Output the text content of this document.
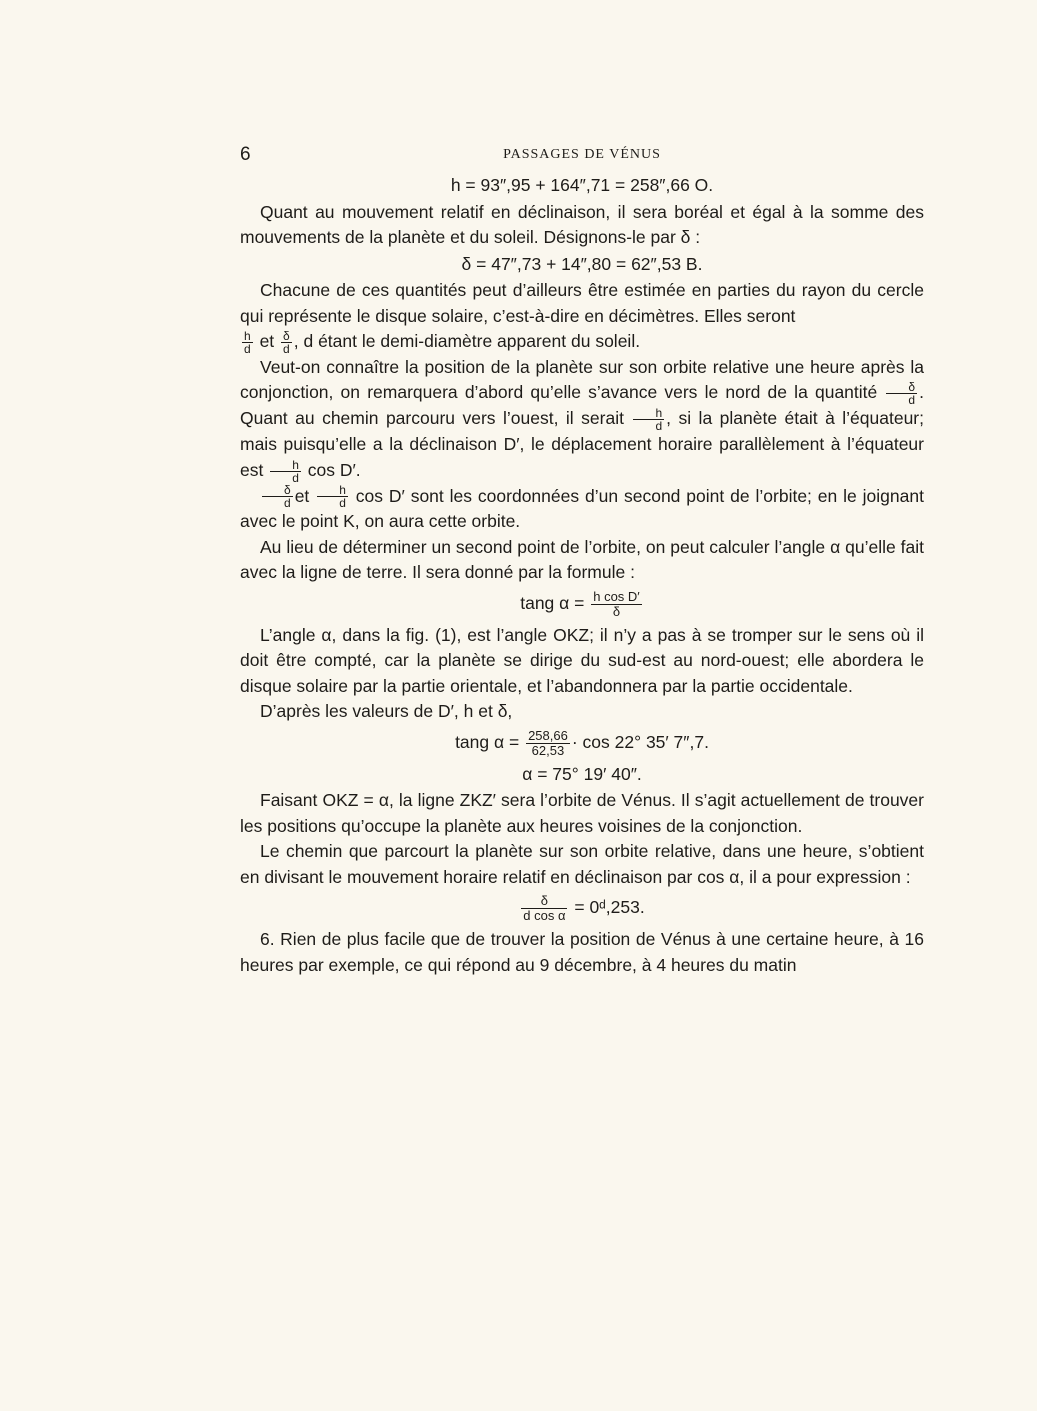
6	PASSAGES DE VÉNUS
h = 93″,95 + 164″,71 = 258″,66 O.

Quant au mouvement relatif en déclinaison, il sera boréal et égal à la somme des mouvements de la planète et du soleil. Désignons-le par δ :

δ = 47″,73 + 14″,80 = 62″,53 B.

Chacune de ces quantités peut d’ailleurs être estimée en parties du rayon du cercle qui représente le disque solaire, c’est-à-dire en décimètres. Elles seront

$\frac{h}{d}$ et $\frac{\delta}{d}$ , d étant le demi-diamètre apparent du soleil.

Veut-on connaître la position de la planète sur son orbite relative une heure après la conjonction, on remarquera d’abord qu’elle s’avance vers le nord de la quantité $\frac{\delta}{d}$ . Quant au chemin parcouru vers l’ouest, il serait $\frac{h}{d}$ , si la planète était à l’équateur; mais puisqu’elle a la déclinaison D′, le déplacement horaire parallèlement à l’équateur est $\frac{h}{d}$ cos D′.

$\frac{\delta}{d}$ et $\frac{h}{d}$ cos D′ sont les coordonnées d’un second point de l’orbite; en le joignant avec le point K, on aura cette orbite.

Au lieu de déterminer un second point de l’orbite, on peut calculer l’angle α qu’elle fait avec la ligne de terre. Il sera donné par la formule :

tang $\alpha = \frac{\text{h cos D′}}{\delta}$

L’angle α, dans la fig. (1), est l’angle OKZ; il n’y a pas à se tromper sur le sens où il doit être compté, car la planète se dirige du sud-est au nord-ouest; elle abordera le disque solaire par la partie orientale, et l’abandonnera par la partie occidentale.

D’après les valeurs de D′, h et δ,

tang $\alpha = \frac{258,66}{62,53} \cdot \cos 22^\circ$ 35′ 7″,7.
α = 75° 19′ 40″.

Faisant OKZ = α, la ligne ZKZ′ sera l’orbite de Vénus. Il s’agit actuellement de trouver les positions qu’occupe la planète aux heures voisines de la conjonction.

Le chemin que parcourt la planète sur son orbite relative, dans une heure, s’obtient en divisant le mouvement horaire relatif en déclinaison par cos α, il a pour expression :

$\frac{\delta}{\text{d cos α}}$ = 0ᵈ,253.

6. Rien de plus facile que de trouver la position de Vénus à une certaine heure, à 16 heures par exemple, ce qui répond au 9 décembre, à 4 heures du matin
